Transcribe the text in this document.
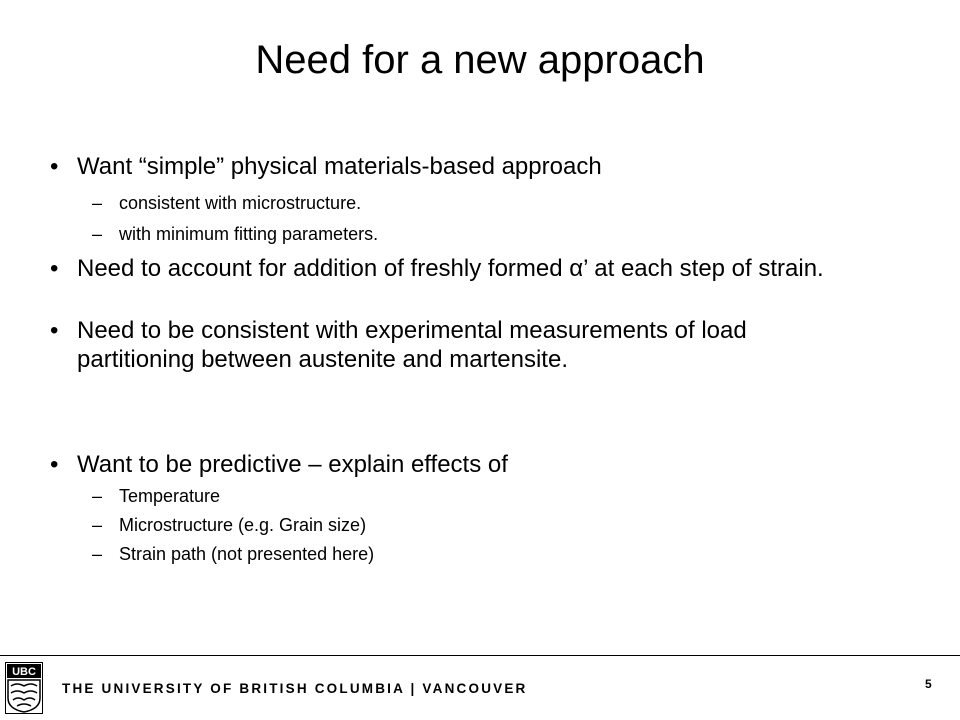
Need for a new approach
• Want “simple” physical materials-based approach
– consistent with microstructure.
– with minimum fitting parameters.
• Need to account for addition of freshly formed α’ at each step of strain.
• Need to be consistent with experimental measurements of load partitioning between austenite and martensite.
• Want to be predictive – explain effects of
– Temperature
– Microstructure (e.g. Grain size)
– Strain path (not presented here)
UBC
THE UNIVERSITY OF BRITISH COLUMBIA | VANCOUVER	5
